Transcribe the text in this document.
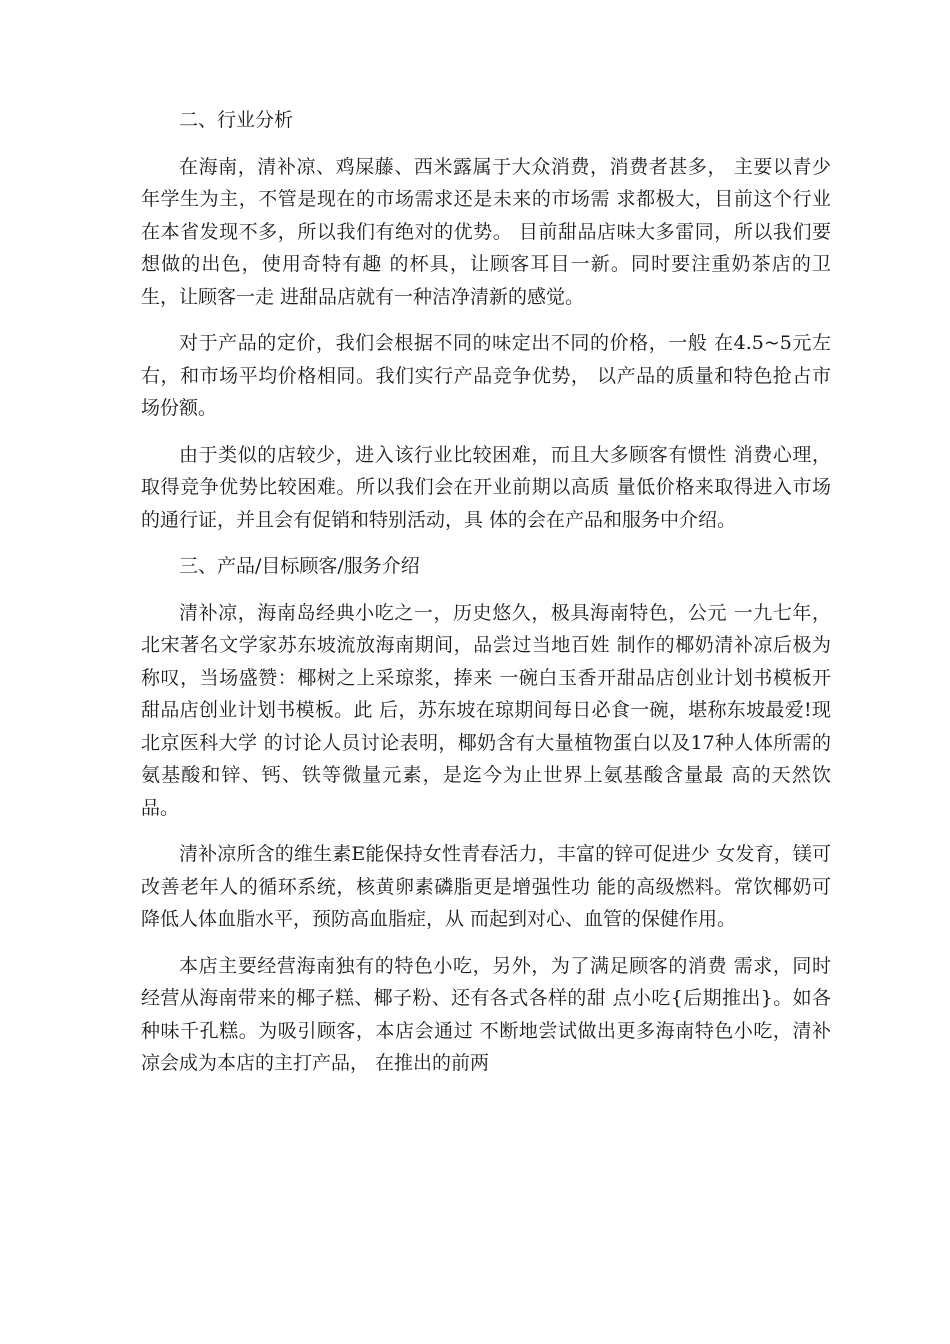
二、行业分析

在海南，清补凉、鸡屎藤、西米露属于大众消费，消费者甚多， 主要以青少年学生为主，不管是现在的市场需求还是未来的市场需 求都极大，目前这个行业在本省发现不多，所以我们有绝对的优势。 目前甜品店味大多雷同，所以我们要想做的出色，使用奇特有趣 的杯具，让顾客耳目一新。同时要注重奶茶店的卫生，让顾客一走 进甜品店就有一种洁净清新的感觉。

对于产品的定价，我们会根据不同的味定出不同的价格，一般 在4.5~5元左右，和市场平均价格相同。我们实行产品竞争优势， 以产品的质量和特色抢占市场份额。

由于类似的店较少，进入该行业比较困难，而且大多顾客有惯性 消费心理，取得竞争优势比较困难。所以我们会在开业前期以高质 量低价格来取得进入市场的通行证，并且会有促销和特别活动，具 体的会在产品和服务中介绍。

三、产品/目标顾客/服务介绍

清补凉，海南岛经典小吃之一，历史悠久，极具海南特色，公元 一九七年，北宋著名文学家苏东坡流放海南期间，品尝过当地百姓 制作的椰奶清补凉后极为称叹，当场盛赞：椰树之上采琼浆，捧来 一碗白玉香开甜品店创业计划书模板开甜品店创业计划书模板。此 后，苏东坡在琼期间每日必食一碗，堪称东坡最爱!现北京医科大学 的讨论人员讨论表明，椰奶含有大量植物蛋白以及17种人体所需的 氨基酸和锌、钙、铁等微量元素，是迄今为止世界上氨基酸含量最 高的天然饮品。

清补凉所含的维生素E能保持女性青春活力，丰富的锌可促进少 女发育，镁可改善老年人的循环系统，核黄卵素磷脂更是增强性功 能的高级燃料。常饮椰奶可降低人体血脂水平，预防高血脂症，从 而起到对心、血管的保健作用。

本店主要经营海南独有的特色小吃，另外，为了满足顾客的消费 需求，同时经营从海南带来的椰子糕、椰子粉、还有各式各样的甜 点小吃{后期推出}。如各种味千孔糕。为吸引顾客，本店会通过 不断地尝试做出更多海南特色小吃，清补凉会成为本店的主打产品， 在推出的前两
